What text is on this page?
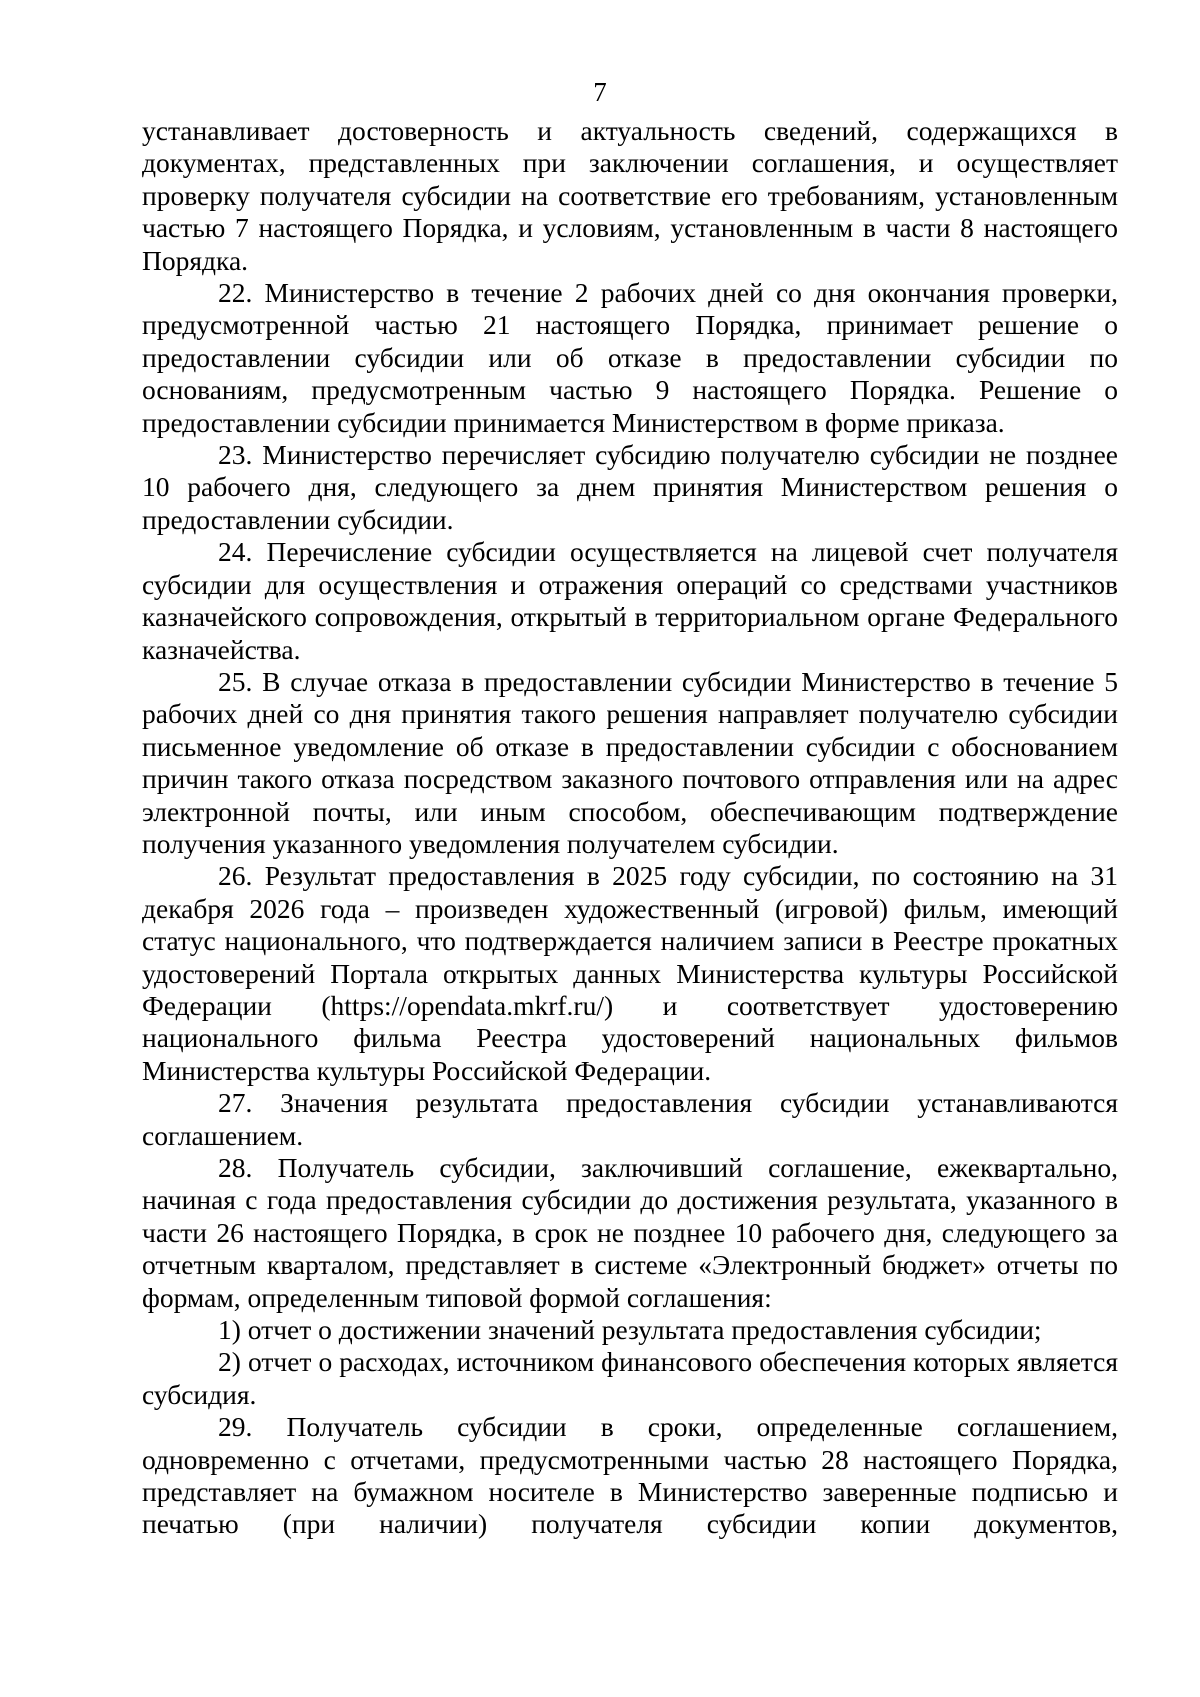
7

устанавливает достоверность и актуальность сведений, содержащихся в документах, представленных при заключении соглашения, и осуществляет проверку получателя субсидии на соответствие его требованиям, установленным частью 7 настоящего Порядка, и условиям, установленным в части 8 настоящего Порядка.

22. Министерство в течение 2 рабочих дней со дня окончания проверки, предусмотренной частью 21 настоящего Порядка, принимает решение о предоставлении субсидии или об отказе в предоставлении субсидии по основаниям, предусмотренным частью 9 настоящего Порядка. Решение о предоставлении субсидии принимается Министерством в форме приказа.

23. Министерство перечисляет субсидию получателю субсидии не позднее 10 рабочего дня, следующего за днем принятия Министерством решения о предоставлении субсидии.

24. Перечисление субсидии осуществляется на лицевой счет получателя субсидии для осуществления и отражения операций со средствами участников казначейского сопровождения, открытый в территориальном органе Федерального казначейства.

25. В случае отказа в предоставлении субсидии Министерство в течение 5 рабочих дней со дня принятия такого решения направляет получателю субсидии письменное уведомление об отказе в предоставлении субсидии с обоснованием причин такого отказа посредством заказного почтового отправления или на адрес электронной почты, или иным способом, обеспечивающим подтверждение получения указанного уведомления получателем субсидии.

26. Результат предоставления в 2025 году субсидии, по состоянию на 31 декабря 2026 года – произведен художественный (игровой) фильм, имеющий статус национального, что подтверждается наличием записи в Реестре прокатных удостоверений Портала открытых данных Министерства культуры Российской Федерации (https://opendata.mkrf.ru/) и соответствует удостоверению национального фильма Реестра удостоверений национальных фильмов Министерства культуры Российской Федерации.

27. Значения результата предоставления субсидии устанавливаются соглашением.

28. Получатель субсидии, заключивший соглашение, ежеквартально, начиная с года предоставления субсидии до достижения результата, указанного в части 26 настоящего Порядка, в срок не позднее 10 рабочего дня, следующего за отчетным кварталом, представляет в системе «Электронный бюджет» отчеты по формам, определенным типовой формой соглашения:

1) отчет о достижении значений результата предоставления субсидии;

2) отчет о расходах, источником финансового обеспечения которых является субсидия.

29. Получатель субсидии в сроки, определенные соглашением, одновременно с отчетами, предусмотренными частью 28 настоящего Порядка, представляет на бумажном носителе в Министерство заверенные подписью и печатью (при наличии) получателя субсидии копии документов,
